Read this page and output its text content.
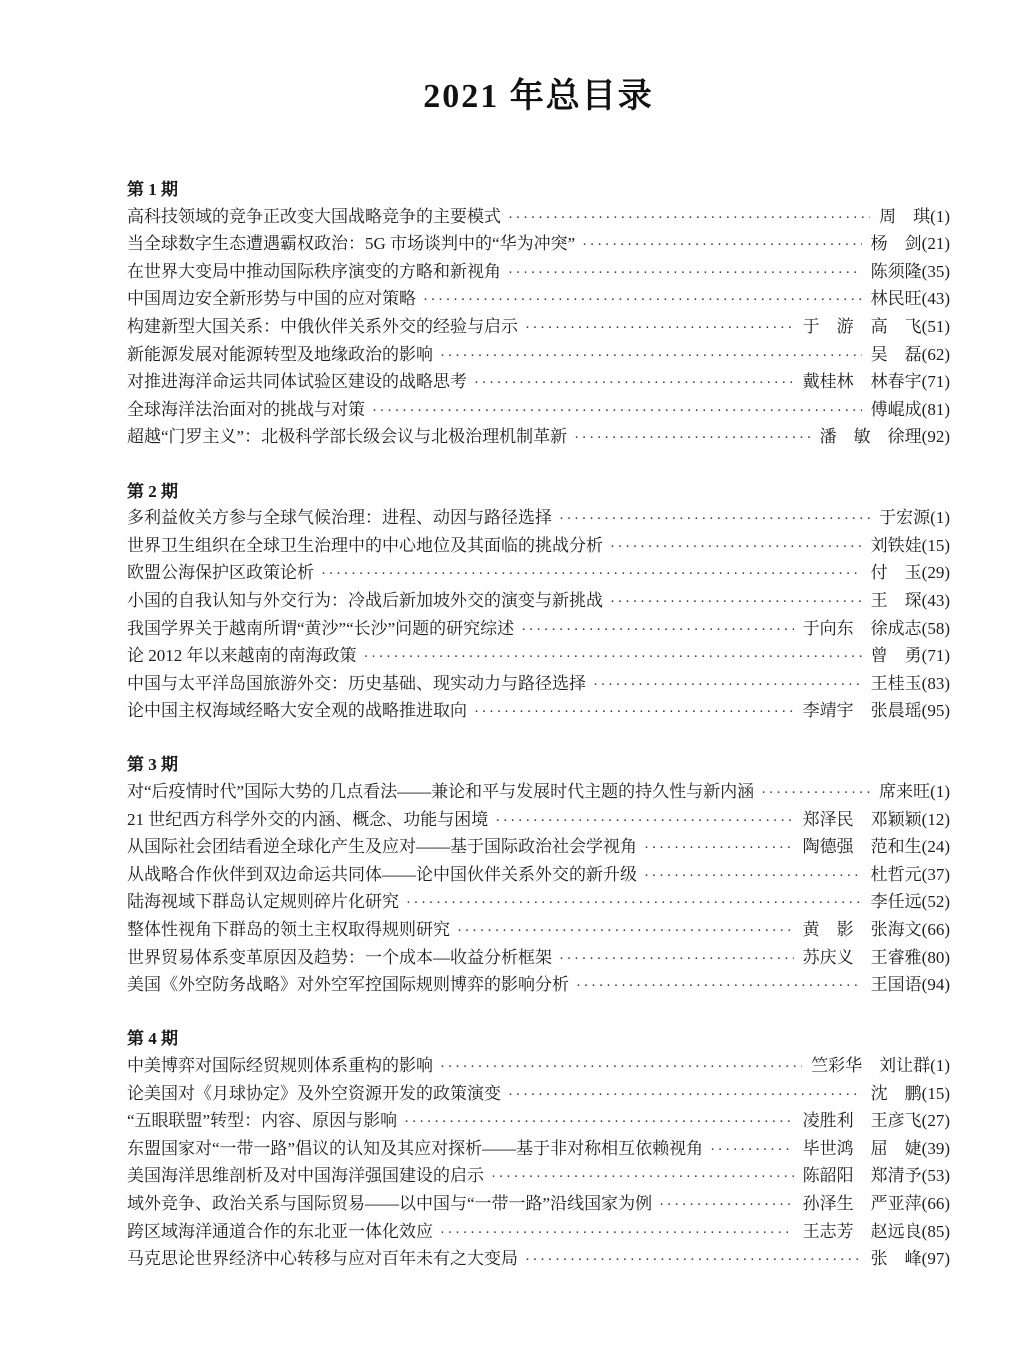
2021 年总目录
第 1 期
高科技领域的竞争正改变大国战略竞争的主要模式 ·····	周　琪 (1)
当全球数字生态遭遇霸权政治：5G 市场谈判中的“华为冲突” ·····	杨　剑 (21)
在世界大变局中推动国际秩序演变的方略和新视角 ·····	陈须隆 (35)
中国周边安全新形势与中国的应对策略 ·····	林民旺 (43)
构建新型大国关系：中俄伙伴关系外交的经验与启示 ·····	于　游　高　飞 (51)
新能源发展对能源转型及地缘政治的影响 ·····	吴　磊 (62)
对推进海洋命运共同体试验区建设的战略思考 ·····	戴桂林　林春宇 (71)
全球海洋法治面对的挑战与对策 ·····	傅崐成 (81)
超越“门罗主义”：北极科学部长级会议与北极治理机制革新 ·····	潘　敏　徐理 (92)
第 2 期
多利益攸关方参与全球气候治理：进程、动因与路径选择 ·····	于宏源 (1)
世界卫生组织在全球卫生治理中的中心地位及其面临的挑战分析 ·····	刘铁娃 (15)
欧盟公海保护区政策论析 ·····	付　玉 (29)
小国的自我认知与外交行为：冷战后新加坡外交的演变与新挑战 ·····	王　琛 (43)
我国学界关于越南所谓“黄沙”“长沙”问题的研究综述 ·····	于向东　徐成志 (58)
论 2012 年以来越南的南海政策 ·····	曾　勇 (71)
中国与太平洋岛国旅游外交：历史基础、现实动力与路径选择 ·····	王桂玉 (83)
论中国主权海域经略大安全观的战略推进取向 ·····	李靖宇　张晨瑶 (95)
第 3 期
对“后疫情时代”国际大势的几点看法——兼论和平与发展时代主题的持久性与新内涵 ·····	席来旺 (1)
21 世纪西方科学外交的内涵、概念、功能与困境 ·····	郑泽民　邓颖颖 (12)
从国际社会团结看逆全球化产生及应对——基于国际政治社会学视角 ·····	陶德强　范和生 (24)
从战略合作伙伴到双边命运共同体——论中国伙伴关系外交的新升级 ·····	杜哲元 (37)
陆海视域下群岛认定规则碎片化研究 ·····	李任远 (52)
整体性视角下群岛的领土主权取得规则研究 ·····	黄　影　张海文 (66)
世界贸易体系变革原因及趋势：一个成本—收益分析框架 ·····	苏庆义　王睿雅 (80)
美国《外空防务战略》对外空军控国际规则博弈的影响分析 ·····	王国语 (94)
第 4 期
中美博弈对国际经贸规则体系重构的影响 ·····	竺彩华　刘让群 (1)
论美国对《月球协定》及外空资源开发的政策演变 ·····	沈　鹏 (15)
“五眼联盟”转型：内容、原因与影响 ·····	凌胜利　王彦飞 (27)
东盟国家对“一带一路”倡议的认知及其应对探析——基于非对称相互依赖视角 ·····	毕世鸿　屈　婕 (39)
美国海洋思维剖析及对中国海洋强国建设的启示 ·····	陈韶阳　郑清予 (53)
域外竞争、政治关系与国际贸易——以中国与“一带一路”沿线国家为例 ·····	孙泽生　严亚萍 (66)
跨区域海洋通道合作的东北亚一体化效应 ·····	王志芳　赵远良 (85)
马克思论世界经济中心转移与应对百年未有之大变局 ·····	张　峰 (97)
